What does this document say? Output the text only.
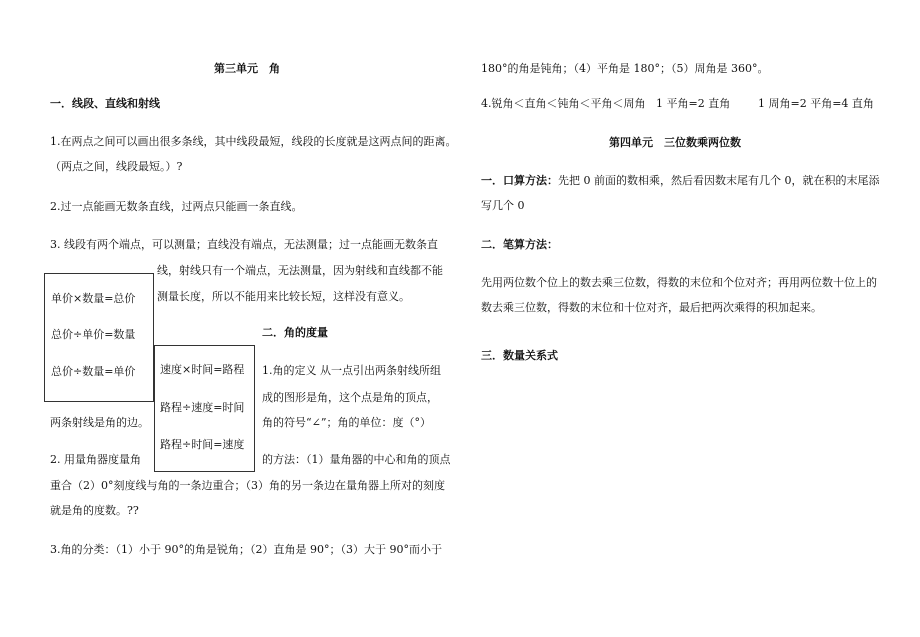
第三单元　角
一．线段、直线和射线
1.在两点之间可以画出很多条线，其中线段最短，线段的长度就是这两点间的距离。
（两点之间，线段最短。）?
2.过一点能画无数条直线，过两点只能画一条直线。
3. 线段有两个端点，可以测量；直线没有端点，无法测量；过一点能画无数条直
线，射线只有一个端点，无法测量，因为射线和直线都不能
测量长度，所以不能用来比较长短，这样没有意义。
单价×数量=总价
总价÷单价=数量
总价÷数量=单价
二．角的度量
速度×时间=路程
路程÷速度=时间
路程÷时间=速度
1.角的定义 从一点引出两条射线所组
成的图形是角，这个点是角的顶点，
角的符号“∠”；角的单位：度（°）
两条射线是角的边。
2. 用量角器度量角	的方法：（1）量角器的中心和角的顶点
重合（2）0°刻度线与角的一条边重合；（3）角的另一条边在量角器上所对的刻度
就是角的度数。??
3.角的分类：（1）小于 90°的角是锐角；（2）直角是 90°；（3）大于 90°而小于
180°的角是钝角；（4）平角是 180°；（5）周角是 360°。
4.锐角＜直角＜钝角＜平角＜周角 1 平角=2 直角	1 周角=2 平角=4 直角
第四单元　三位数乘两位数
一．口算方法：先把 0 前面的数相乘，然后看因数末尾有几个 0，就在积的末尾添
写几个 0
二．笔算方法：
先用两位数个位上的数去乘三位数，得数的末位和个位对齐；再用两位数十位上的
数去乘三位数，得数的末位和十位对齐，最后把两次乘得的积加起来。
三．数量关系式
